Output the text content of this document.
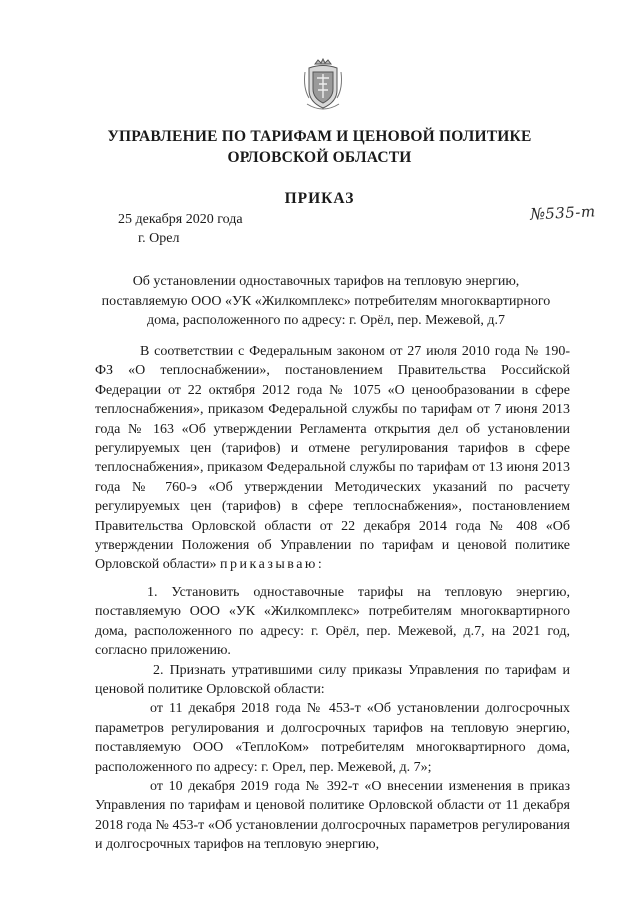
УПРАВЛЕНИЕ ПО ТАРИФАМ И ЦЕНОВОЙ ПОЛИТИКЕ
ОРЛОВСКОЙ ОБЛАСТИ
ПРИКАЗ
25 декабря 2020 года
г. Орел
№535-т
Об установлении одноставочных тарифов на тепловую энергию,
поставляемую ООО «УК «Жилкомплекс» потребителям многоквартирного
дома, расположенного по адресу: г. Орёл, пер. Межевой, д.7

В соответствии с Федеральным законом от 27 июля 2010 года № 190-ФЗ «О теплоснабжении», постановлением Правительства Российской Федерации от 22 октября 2012 года № 1075 «О ценообразовании в сфере теплоснабжения», приказом Федеральной службы по тарифам от 7 июня 2013 года № 163 «Об утверждении Регламента открытия дел об установлении регулируемых цен (тарифов) и отмене регулирования тарифов в сфере теплоснабжения», приказом Федеральной службы по тарифам от 13 июня 2013 года № 760-э «Об утверждении Методических указаний по расчету регулируемых цен (тарифов) в сфере теплоснабжения», постановлением Правительства Орловской области от 22 декабря 2014 года № 408 «Об утверждении Положения об Управлении по тарифам и ценовой политике Орловской области» приказываю:

1. Установить одноставочные тарифы на тепловую энергию, поставляемую ООО «УК «Жилкомплекс» потребителям многоквартирного дома, расположенного по адресу: г. Орёл, пер. Межевой, д.7, на 2021 год, согласно приложению.

2. Признать утратившими силу приказы Управления по тарифам и ценовой политике Орловской области:

от 11 декабря 2018 года № 453-т «Об установлении долгосрочных параметров регулирования и долгосрочных тарифов на тепловую энергию, поставляемую ООО «ТеплоКом» потребителям многоквартирного дома, расположенного по адресу: г. Орел, пер. Межевой, д. 7»;

от 10 декабря 2019 года № 392-т «О внесении изменения в приказ Управления по тарифам и ценовой политике Орловской области от 11 декабря 2018 года № 453-т «Об установлении долгосрочных параметров регулирования и долгосрочных тарифов на тепловую энергию,
